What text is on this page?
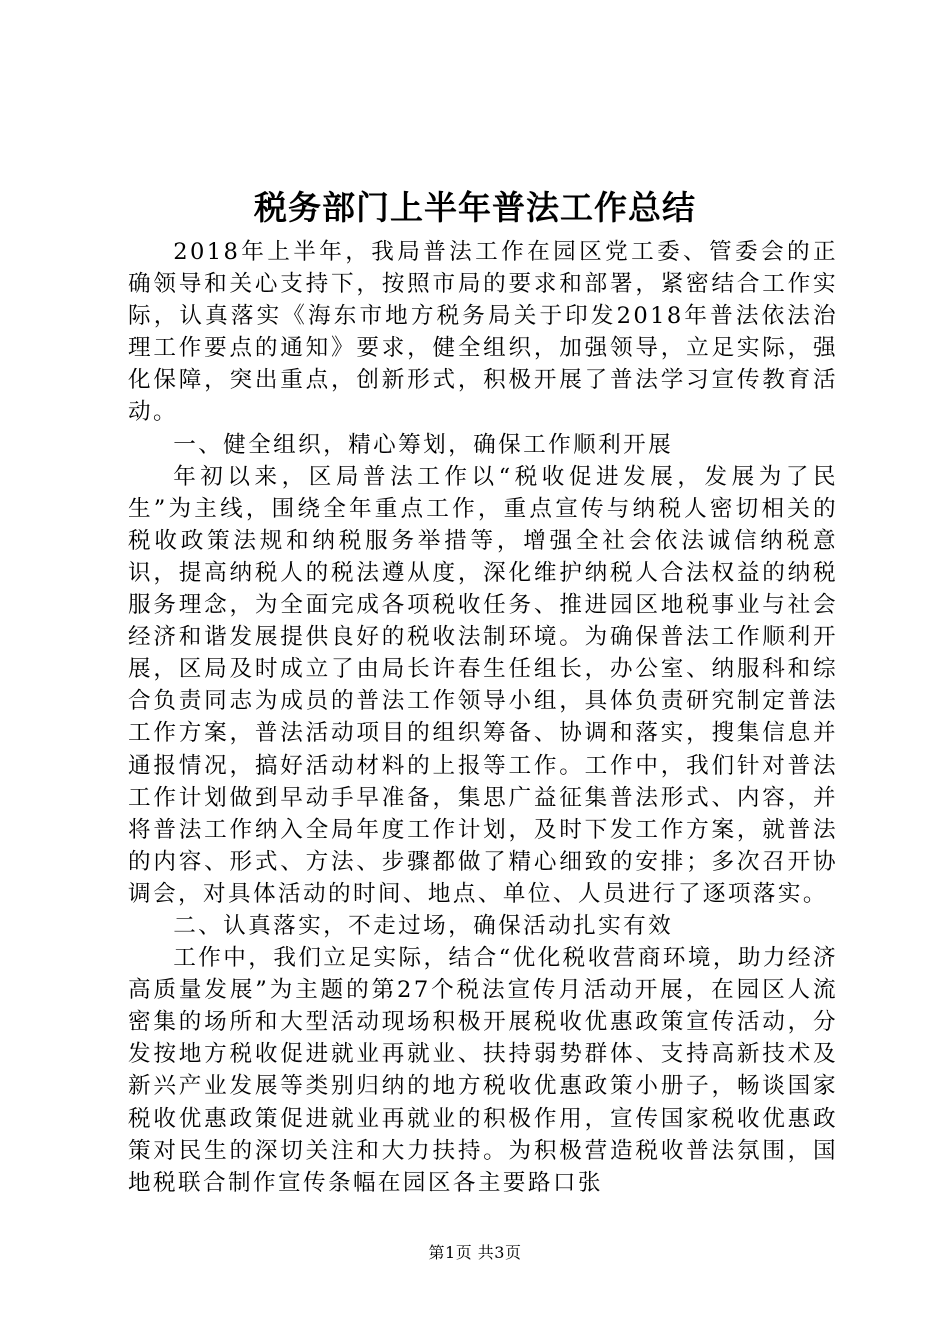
税务部门上半年普法工作总结

2018年上半年，我局普法工作在园区党工委、管委会的正确领导和关心支持下，按照市局的要求和部署，紧密结合工作实际，认真落实《海东市地方税务局关于印发2018年普法依法治理工作要点的通知》要求，健全组织，加强领导，立足实际，强化保障，突出重点，创新形式，积极开展了普法学习宣传教育活动。

一、健全组织，精心筹划，确保工作顺利开展

年初以来，区局普法工作以“税收促进发展，发展为了民生”为主线，围绕全年重点工作，重点宣传与纳税人密切相关的税收政策法规和纳税服务举措等，增强全社会依法诚信纳税意识，提高纳税人的税法遵从度，深化维护纳税人合法权益的纳税服务理念，为全面完成各项税收任务、推进园区地税事业与社会经济和谐发展提供良好的税收法制环境。为确保普法工作顺利开展，区局及时成立了由局长许春生任组长，办公室、纳服科和综合负责同志为成员的普法工作领导小组，具体负责研究制定普法工作方案，普法活动项目的组织筹备、协调和落实，搜集信息并通报情况，搞好活动材料的上报等工作。工作中，我们针对普法工作计划做到早动手早准备，集思广益征集普法形式、内容，并将普法工作纳入全局年度工作计划，及时下发工作方案，就普法的内容、形式、方法、步骤都做了精心细致的安排；多次召开协调会，对具体活动的时间、地点、单位、人员进行了逐项落实。

二、认真落实，不走过场，确保活动扎实有效

工作中，我们立足实际，结合“优化税收营商环境，助力经济高质量发展”为主题的第27个税法宣传月活动开展，在园区人流密集的场所和大型活动现场积极开展税收优惠政策宣传活动，分发按地方税收促进就业再就业、扶持弱势群体、支持高新技术及新兴产业发展等类别归纳的地方税收优惠政策小册子，畅谈国家税收优惠政策促进就业再就业的积极作用，宣传国家税收优惠政策对民生的深切关注和大力扶持。为积极营造税收普法氛围，国地税联合制作宣传条幅在园区各主要路口张

第1页 共3页
